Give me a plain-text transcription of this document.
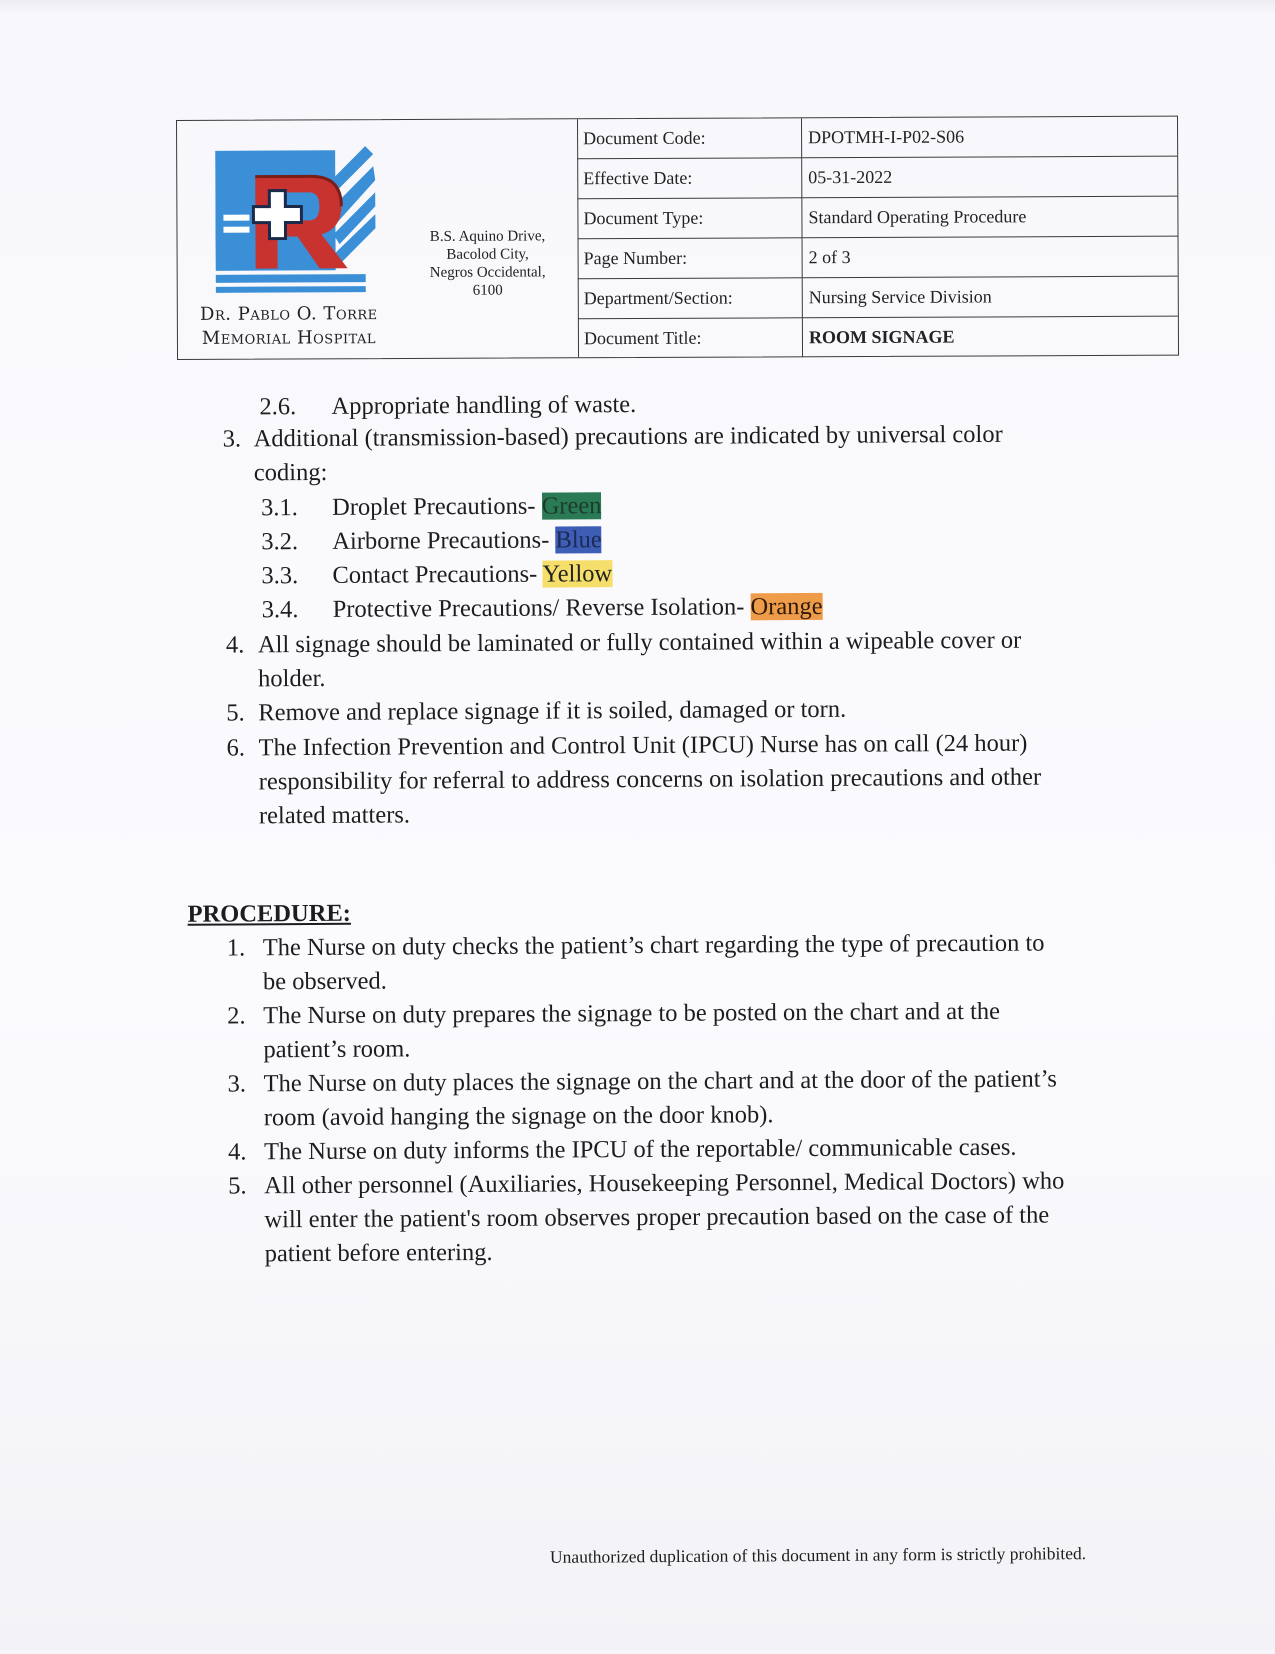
Dr. Pablo O. Torre
Memorial Hospital
B.S. Aquino Drive,
Bacolod City,
Negros Occidental,
6100
Document Code:	DPOTMH-I-P02-S06
Effective Date:	05-31-2022
Document Type:	Standard Operating Procedure
Page Number:	2 of 3
Department/Section:	Nursing Service Division
Document Title:	ROOM SIGNAGE
2.6. Appropriate handling of waste.
3. Additional (transmission-based) precautions are indicated by universal color
coding:
3.1. Droplet Precautions- Green
3.2. Airborne Precautions- Blue
3.3. Contact Precautions- Yellow
3.4. Protective Precautions/ Reverse Isolation- Orange
4. All signage should be laminated or fully contained within a wipeable cover or
holder.
5. Remove and replace signage if it is soiled, damaged or torn.
6. The Infection Prevention and Control Unit (IPCU) Nurse has on call (24 hour)
responsibility for referral to address concerns on isolation precautions and other
related matters.
PROCEDURE:
1. The Nurse on duty checks the patient’s chart regarding the type of precaution to
be observed.
2. The Nurse on duty prepares the signage to be posted on the chart and at the
patient’s room.
3. The Nurse on duty places the signage on the chart and at the door of the patient’s
room (avoid hanging the signage on the door knob).
4. The Nurse on duty informs the IPCU of the reportable/ communicable cases.
5. All other personnel (Auxiliaries, Housekeeping Personnel, Medical Doctors) who
will enter the patient's room observes proper precaution based on the case of the
patient before entering.
Unauthorized duplication of this document in any form is strictly prohibited.
